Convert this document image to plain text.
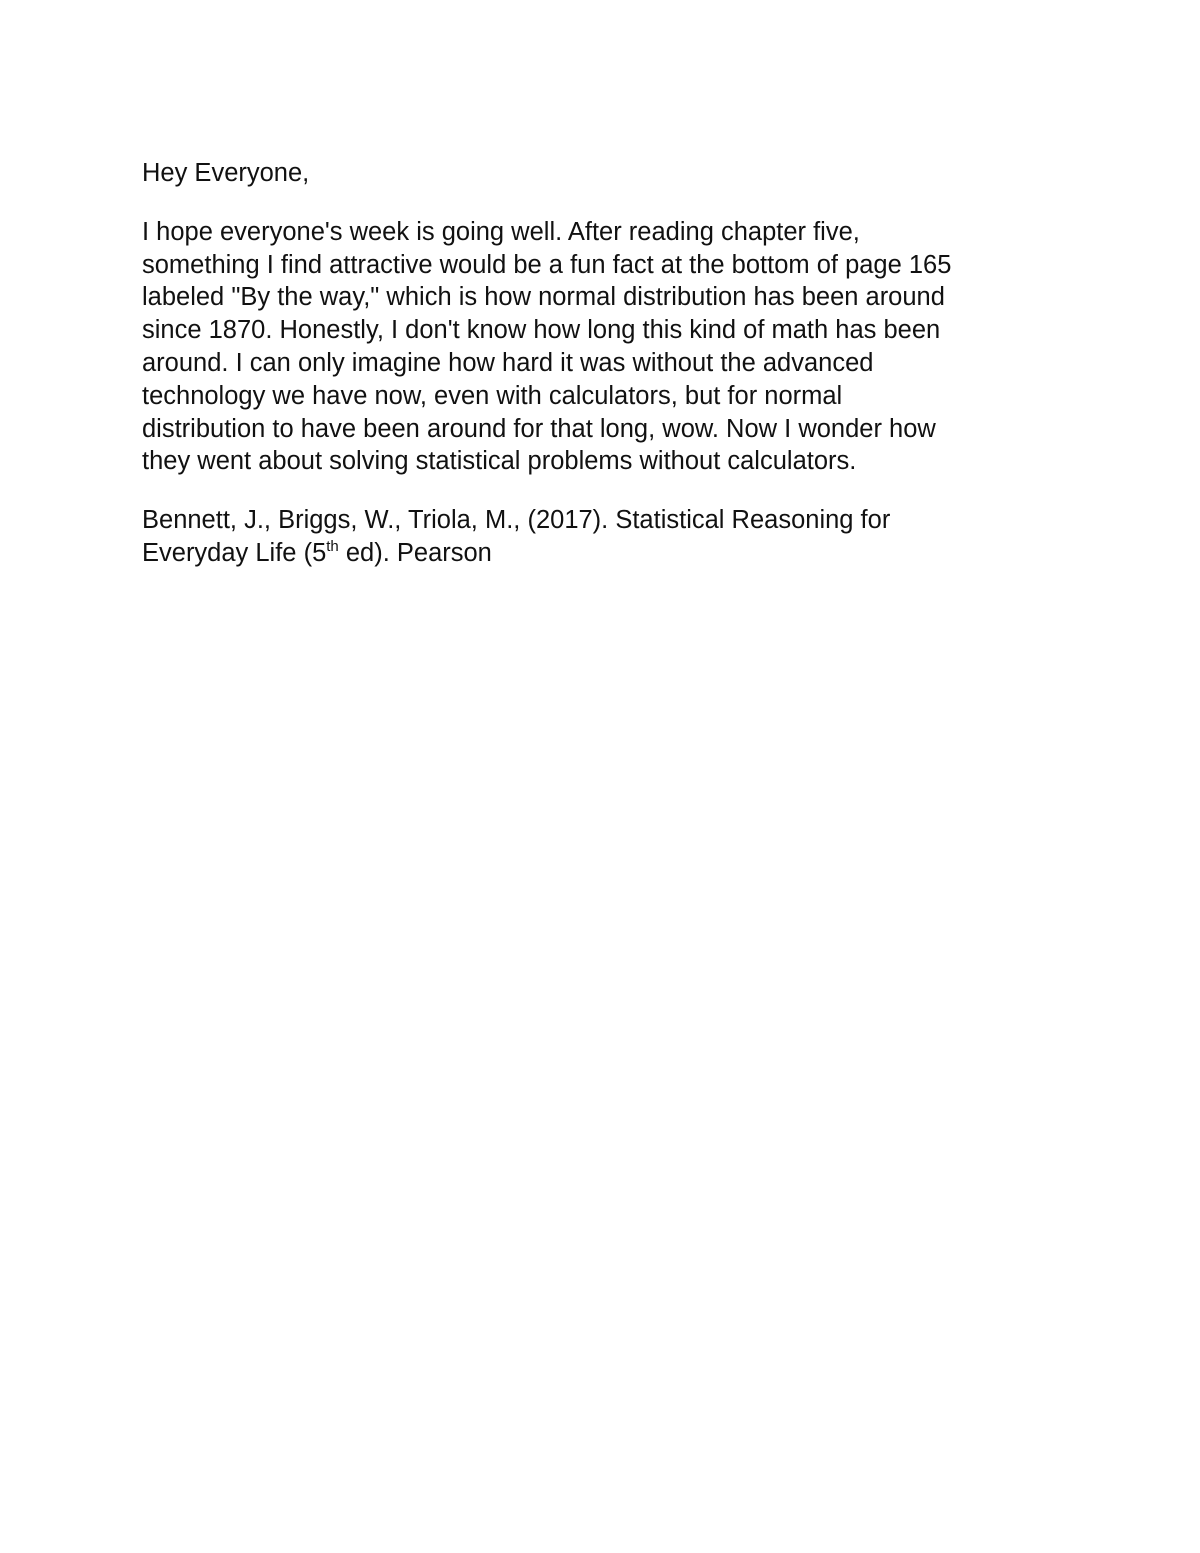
Hey Everyone,

I hope everyone's week is going well. After reading chapter five,
something I find attractive would be a fun fact at the bottom of page 165
labeled "By the way," which is how normal distribution has been around
since 1870. Honestly, I don't know how long this kind of math has been
around. I can only imagine how hard it was without the advanced
technology we have now, even with calculators, but for normal
distribution to have been around for that long, wow. Now I wonder how
they went about solving statistical problems without calculators.

Bennett, J., Briggs, W., Triola, M., (2017). Statistical Reasoning for
Everyday Life (5th ed). Pearson
